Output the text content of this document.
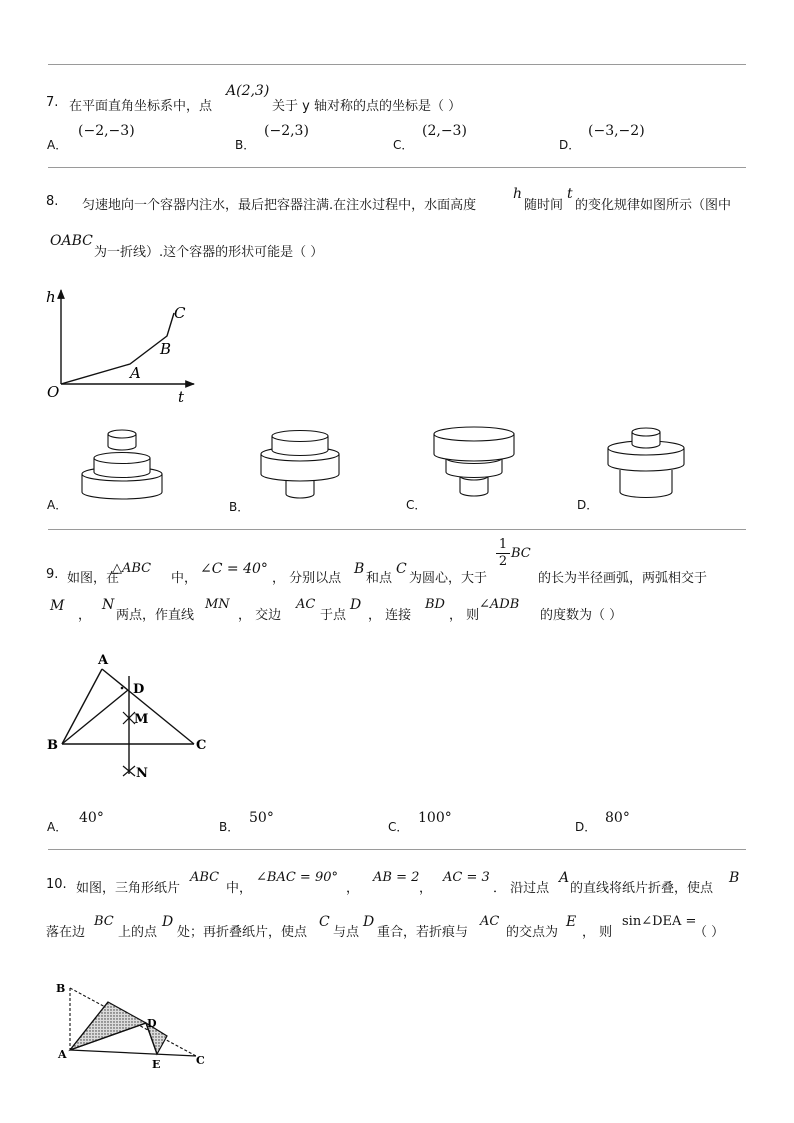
7. 在平面直角坐标系中，点
A(2,3)
关于 y 轴对称的点的坐标是（ ）
A．
(−2,−3)
B．
(−2,3)
C．
(2,−3)
D．
(−3,−2)
8. 匀速地向一个容器内注水，最后把容器注满.在注水过程中，水面高度
h
随时间
t
的变化规律如图所示（图中
OABC
为一折线）.这个容器的形状可能是（ ）
h
t
O
A
B
C
A．	B．	C．	D．
9. 如图，在
△ABC
中，
∠C = 40°
， 分别以点
B
和点
C
为圆心，大于
1
2
BC
的长为半径画弧，两弧相交于
M
，
N
两点，作直线
MN
， 交边
AC
于点
D
， 连接
BD
， 则
∠ADB
的度数为（ ）
A
B	C
D
M
N
A．
40°
B．
50°
C．
100°
D．
80°
10. 如图，三角形纸片
ABC
中，
∠BAC = 90°
，
AB = 2
，
AC = 3
． 沿过点
A
的直线将纸片折叠，使点
B
落在边
BC
上的点
D
处；再折叠纸片，使点
C
与点
D
重合，若折痕与
AC
的交点为
E
， 则
sin∠DEA =
（ ）
B
A
D
E	C
